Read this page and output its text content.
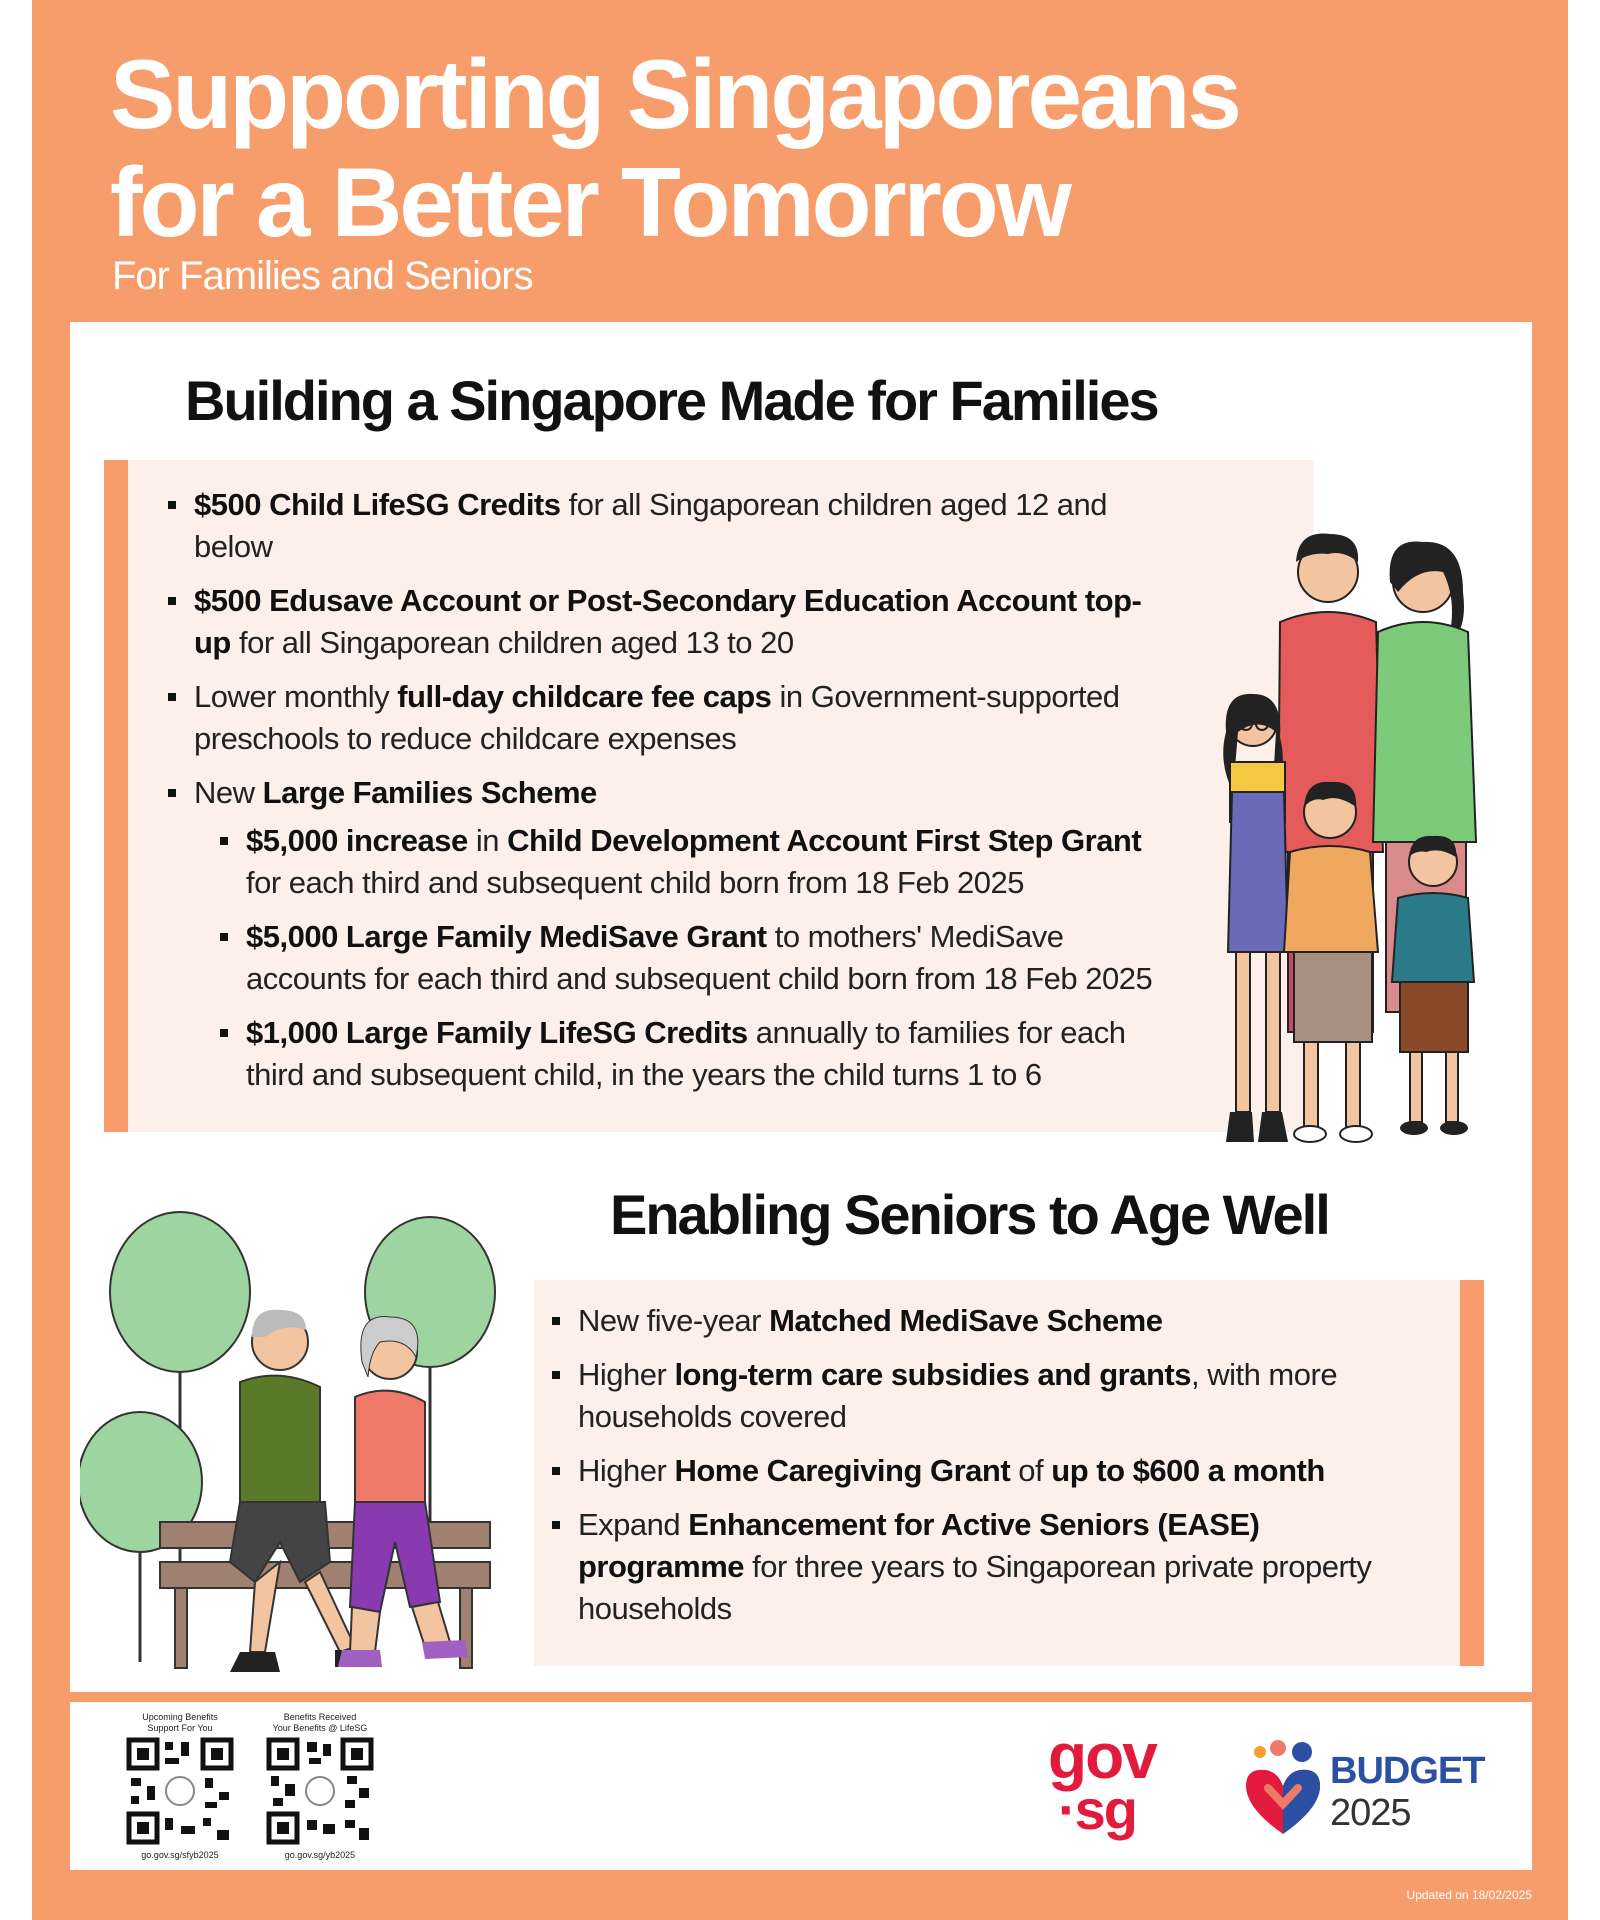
Supporting Singaporeans
for a Better Tomorrow
For Families and Seniors
Building a Singapore Made for Families
$500 Child LifeSG Credits for all Singaporean children aged 12 and below
$500 Edusave Account or Post-Secondary Education Account top-up for all Singaporean children aged 13 to 20
Lower monthly full-day childcare fee caps in Government-supported preschools to reduce childcare expenses
New Large Families Scheme
$5,000 increase in Child Development Account First Step Grant for each third and subsequent child born from 18 Feb 2025
$5,000 Large Family MediSave Grant to mothers' MediSave accounts for each third and subsequent child born from 18 Feb 2025
$1,000 Large Family LifeSG Credits annually to families for each third and subsequent child, in the years the child turns 1 to 6
Enabling Seniors to Age Well
New five-year Matched MediSave Scheme
Higher long-term care subsidies and grants, with more households covered
Higher Home Caregiving Grant of up to $600 a month
Expand Enhancement for Active Seniors (EASE) programme for three years to Singaporean private property households
Upcoming Benefits
Support For You
go.gov.sg/sfyb2025
Benefits Received
Your Benefits @ LifeSG
go.gov.sg/yb2025
gov
·sg
BUDGET
2025
Updated on 18/02/2025
